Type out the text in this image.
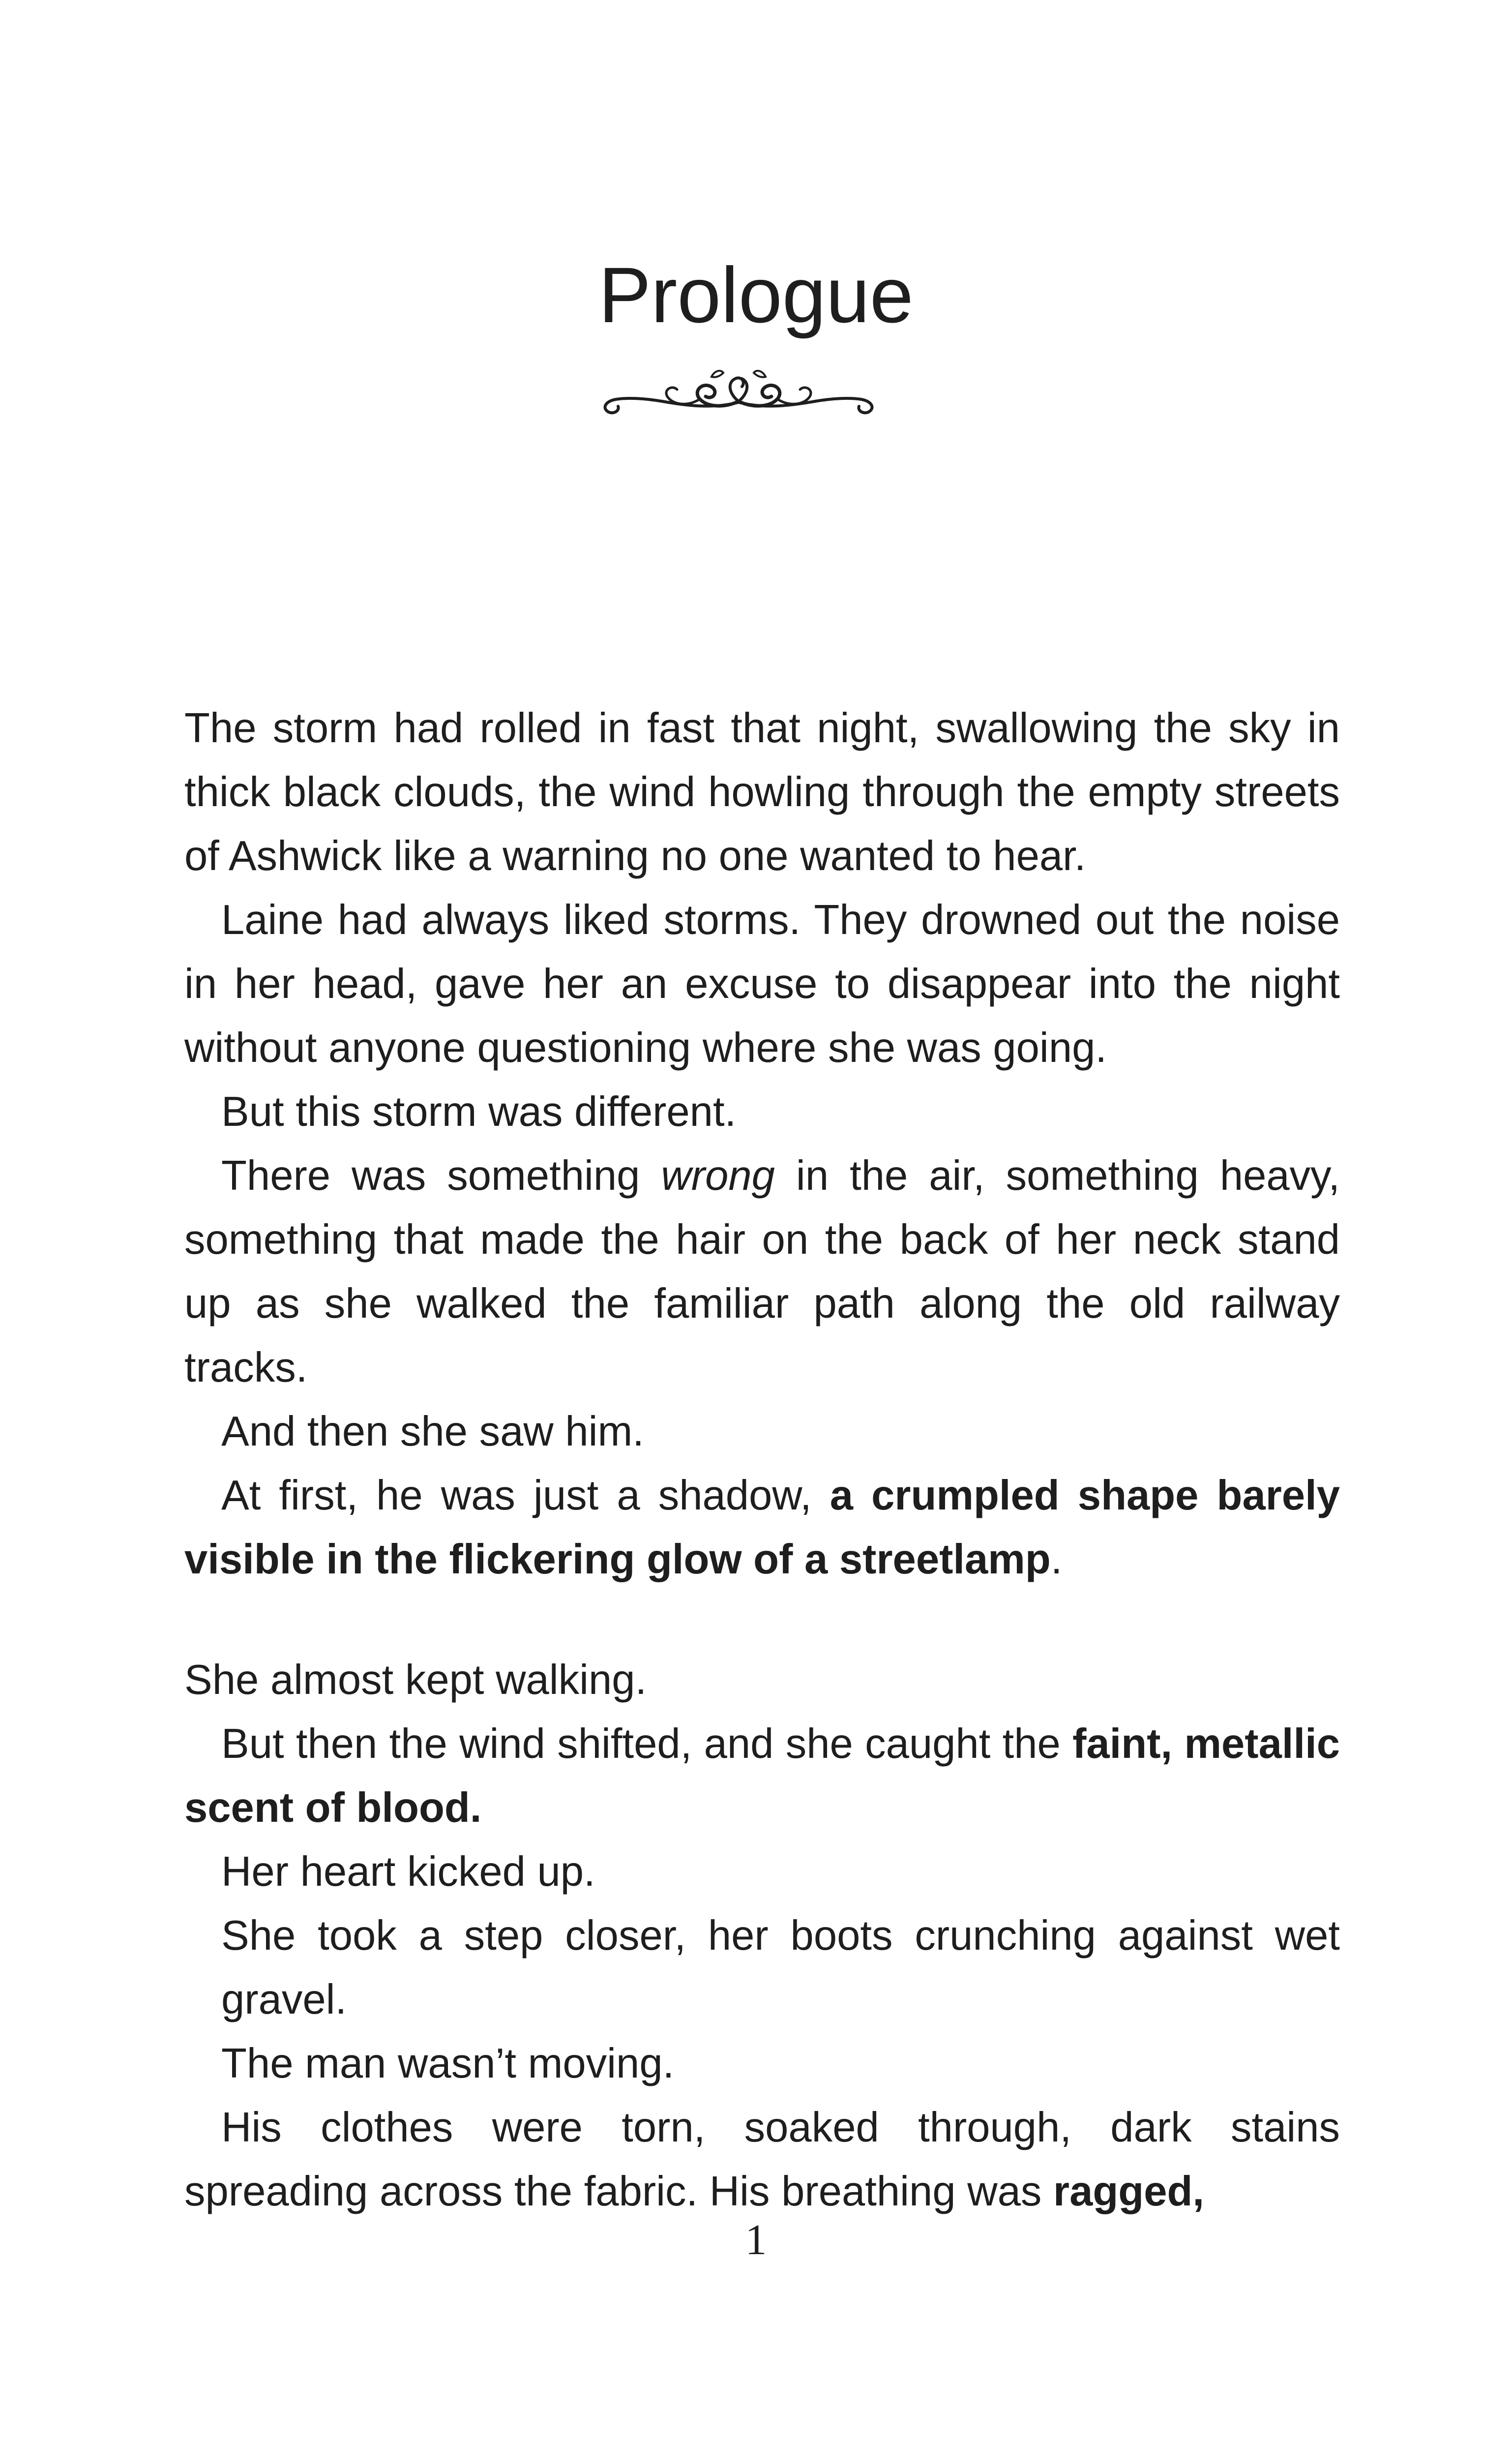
Prologue

The storm had rolled in fast that night, swallowing the sky in thick black clouds, the wind howling through the empty streets of Ashwick like a warning no one wanted to hear.

Laine had always liked storms. They drowned out the noise in her head, gave her an excuse to disappear into the night without anyone questioning where she was going.

But this storm was different.

There was something wrong in the air, something heavy, something that made the hair on the back of her neck stand up as she walked the familiar path along the old railway tracks.

And then she saw him.

At first, he was just a shadow, a crumpled shape barely visible in the flickering glow of a streetlamp.

She almost kept walking.

But then the wind shifted, and she caught the faint, metallic scent of blood.

Her heart kicked up.

She took a step closer, her boots crunching against wet gravel.

The man wasn’t moving.

His clothes were torn, soaked through, dark stains spreading across the fabric. His breathing was ragged,

1
